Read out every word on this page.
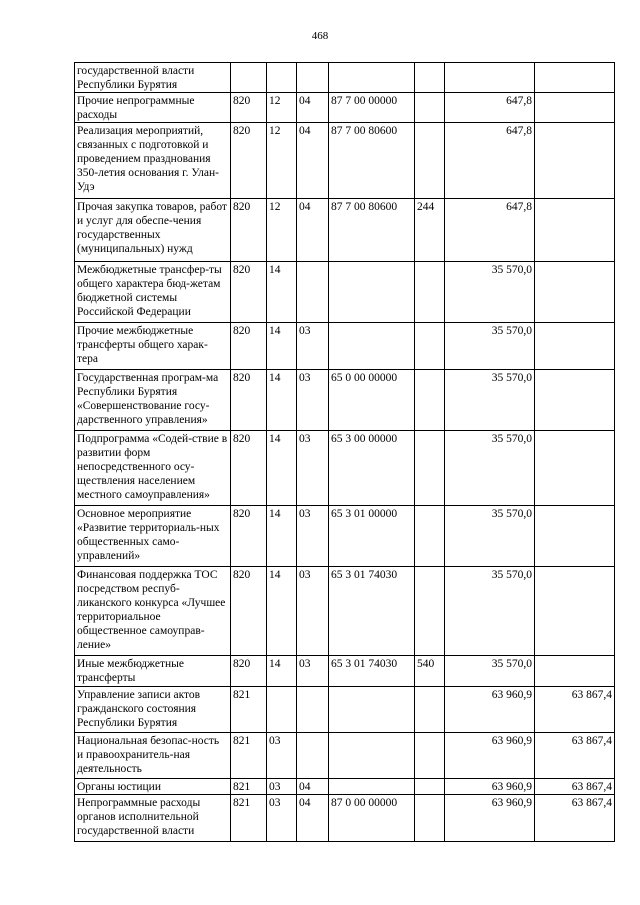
468
государственной власти Республики Бурятия							
Прочие непрограммные расходы	820	12	04	87 7 00 00000		647,8	
Реализация мероприятий, связанных с подготовкой и проведением празднования 350-летия основания г. Улан-Удэ	820	12	04	87 7 00 80600		647,8	
Прочая закупка товаров, работ и услуг для обеспе-чения государственных (муниципальных) нужд	820	12	04	87 7 00 80600	244	647,8	
Межбюджетные трансфер-ты общего характера бюд-жетам бюджетной системы Российской Федерации	820	14				35 570,0	
Прочие межбюджетные трансферты общего харак-тера	820	14	03			35 570,0	
Государственная програм-ма Республики Бурятия «Совершенствование госу-дарственного управления»	820	14	03	65 0 00 00000		35 570,0	
Подпрограмма «Содей-ствие в развитии форм непосредственного осу-ществления населением местного самоуправления»	820	14	03	65 3 00 00000		35 570,0	
Основное мероприятие «Развитие территориаль-ных общественных само-управлений»	820	14	03	65 3 01 00000		35 570,0	
Финансовая поддержка ТОС посредством респуб-ликанского конкурса «Лучшее территориальное общественное самоуправ-ление»	820	14	03	65 3 01 74030		35 570,0	
Иные межбюджетные трансферты	820	14	03	65 3 01 74030	540	35 570,0	
Управление записи актов гражданского состояния Республики Бурятия	821					63 960,9	63 867,4
Национальная безопас-ность и правоохранитель-ная деятельность	821	03				63 960,9	63 867,4
Органы юстиции	821	03	04			63 960,9	63 867,4
Непрограммные расходы органов исполнительной государственной власти	821	03	04	87 0 00 00000		63 960,9	63 867,4
